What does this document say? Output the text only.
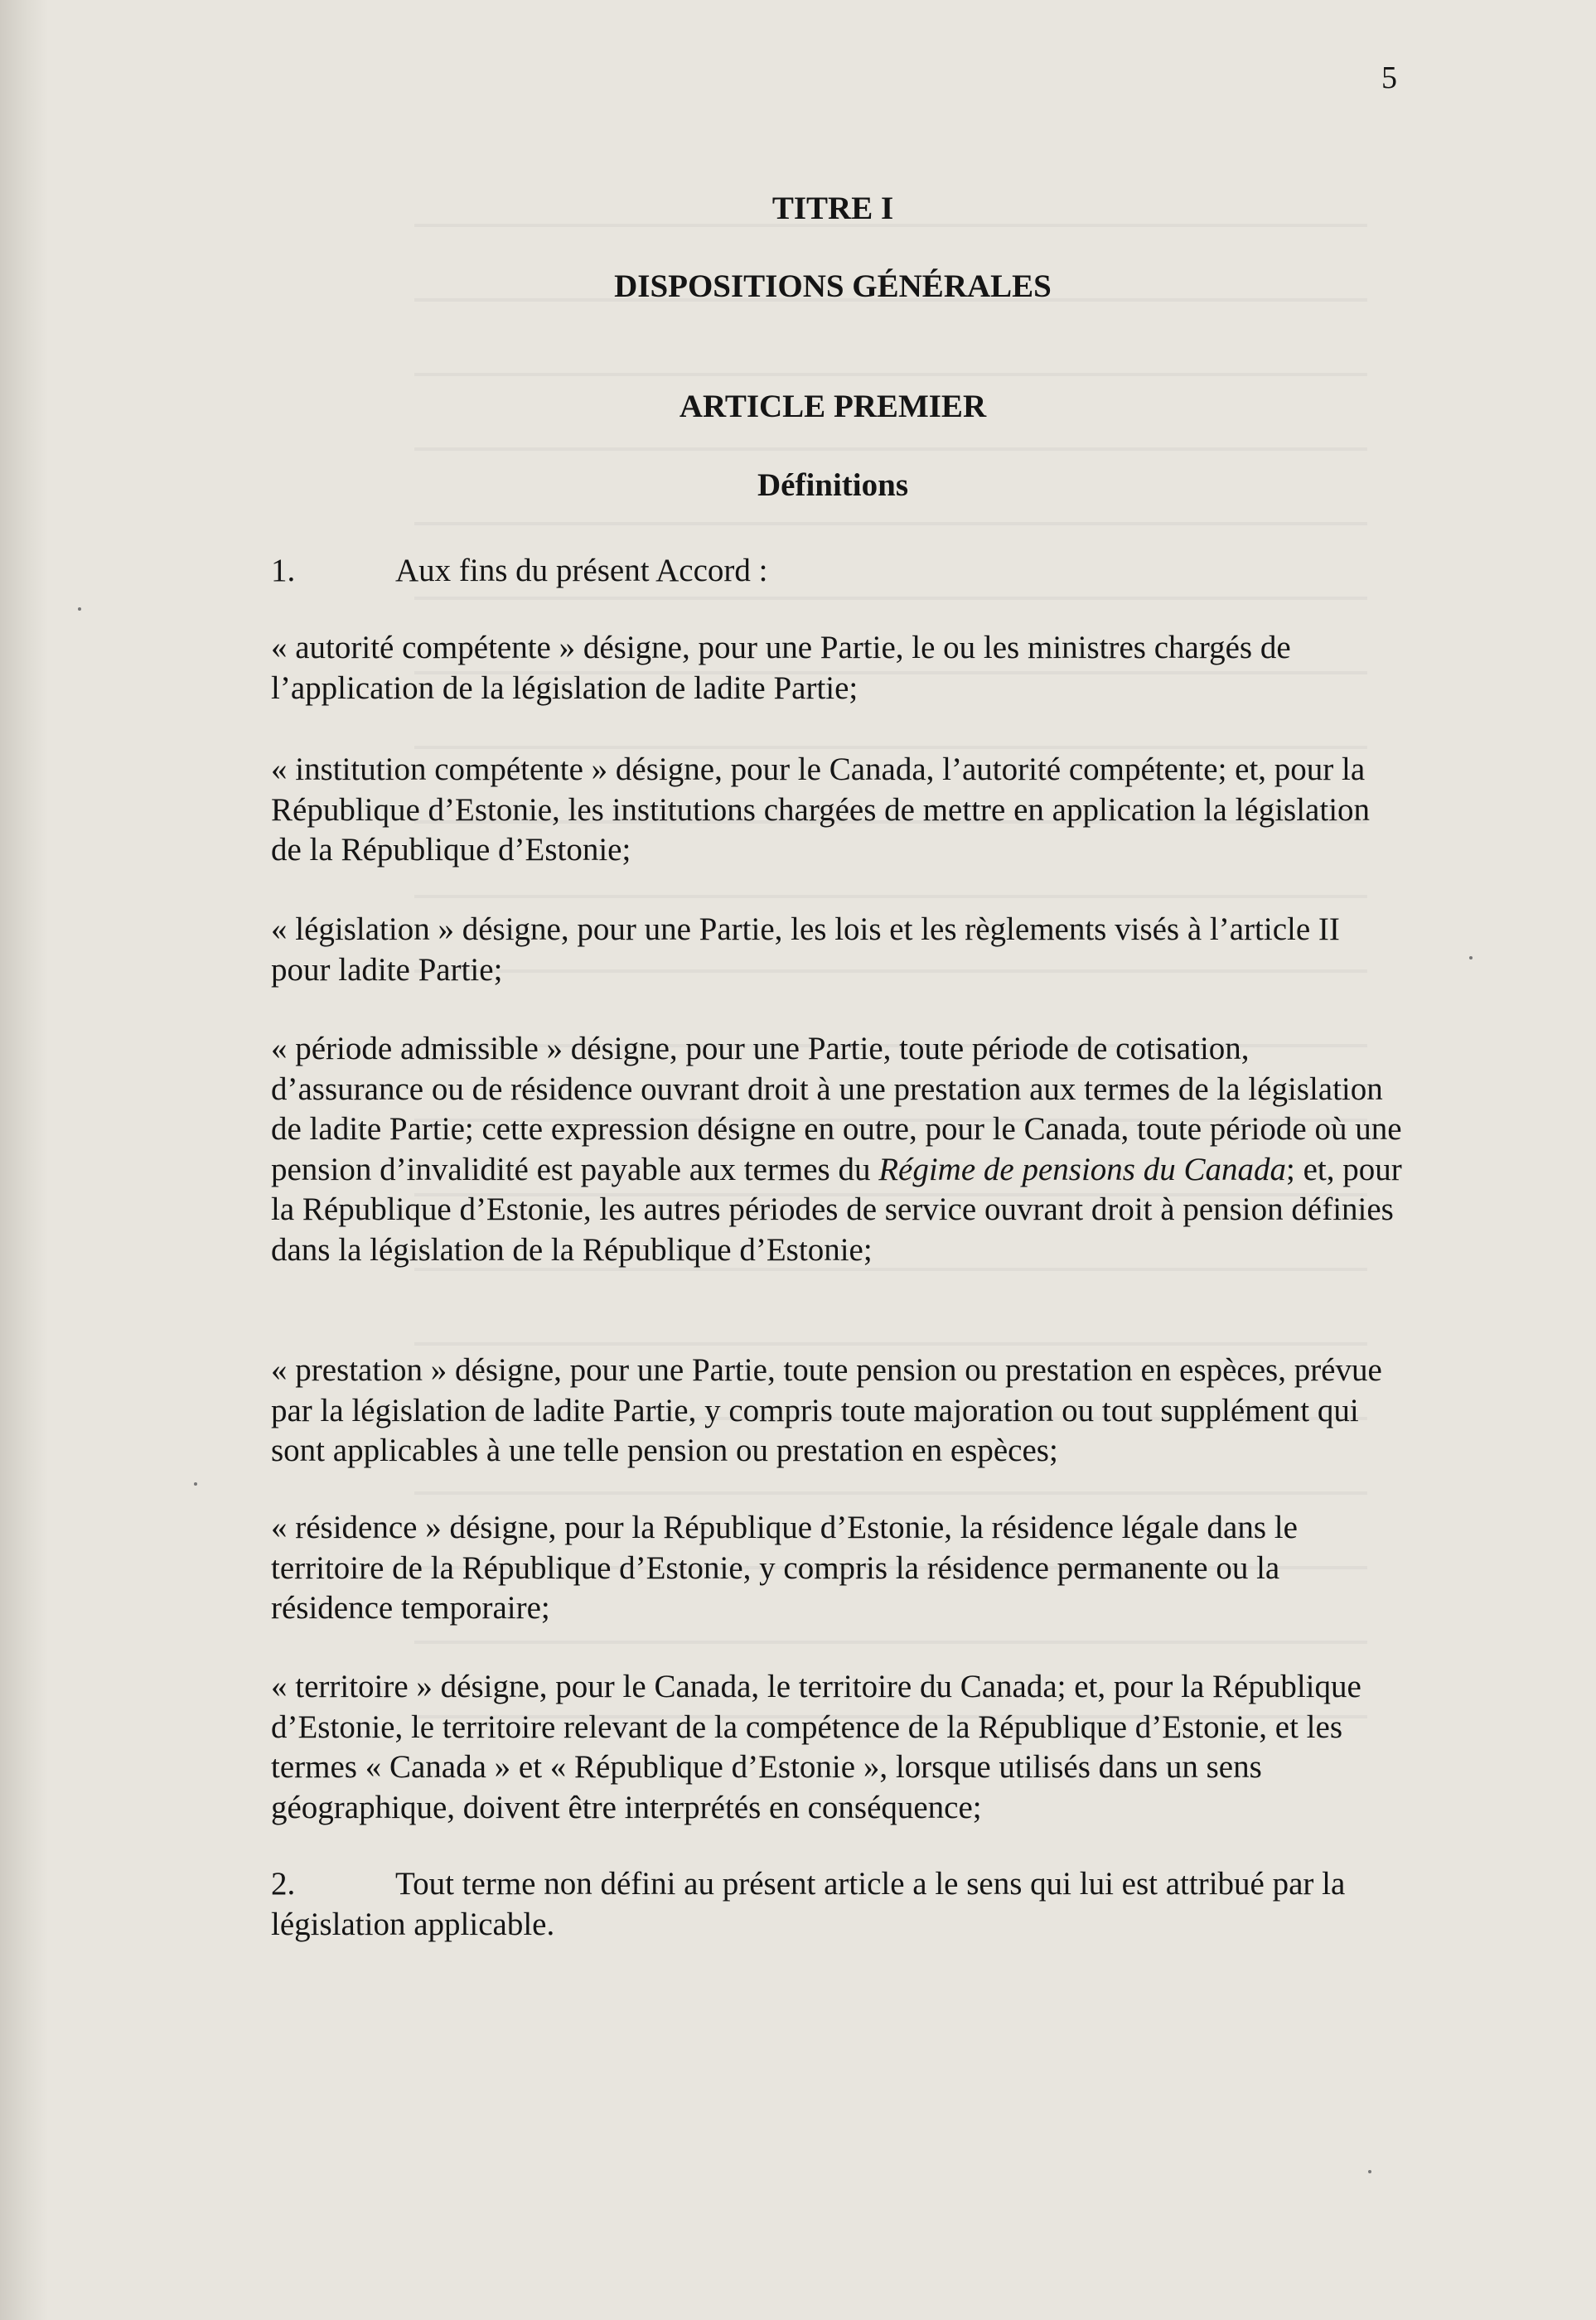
5

TITRE I
DISPOSITIONS GÉNÉRALES
ARTICLE PREMIER
Définitions

1.	Aux fins du présent Accord :

« autorité compétente » désigne, pour une Partie, le ou les ministres chargés de l’application de la législation de ladite Partie;

« institution compétente » désigne, pour le Canada, l’autorité compétente; et, pour la République d’Estonie, les institutions chargées de mettre en application la législation de la République d’Estonie;

« législation » désigne, pour une Partie, les lois et les règlements visés à l’article II pour ladite Partie;

« période admissible » désigne, pour une Partie, toute période de cotisation, d’assurance ou de résidence ouvrant droit à une prestation aux termes de la législation de ladite Partie; cette expression désigne en outre, pour le Canada, toute période où une pension d’invalidité est payable aux termes du Régime de pensions du Canada; et, pour la République d’Estonie, les autres périodes de service ouvrant droit à pension définies dans la législation de la République d’Estonie;

« prestation » désigne, pour une Partie, toute pension ou prestation en espèces, prévue par la législation de ladite Partie, y compris toute majoration ou tout supplément qui sont applicables à une telle pension ou prestation en espèces;

« résidence » désigne, pour la République d’Estonie, la résidence légale dans le territoire de la République d’Estonie, y compris la résidence permanente ou la résidence temporaire;

« territoire » désigne, pour le Canada, le territoire du Canada; et, pour la République d’Estonie, le territoire relevant de la compétence de la République d’Estonie, et les termes « Canada » et « République d’Estonie », lorsque utilisés dans un sens géographique, doivent être interprétés en conséquence;

2.	Tout terme non défini au présent article a le sens qui lui est attribué par la législation applicable.
